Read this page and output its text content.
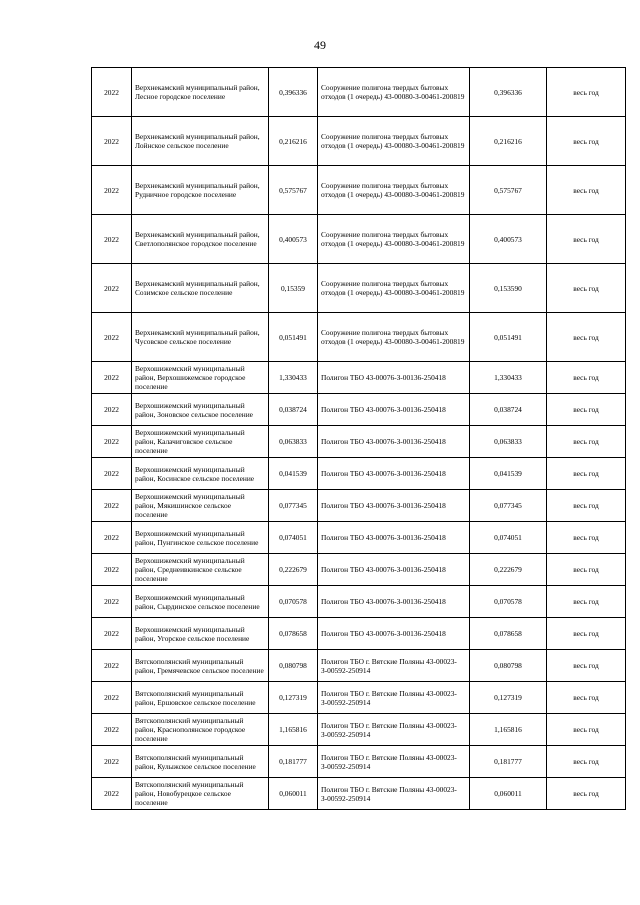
49
2022	Верхнекамский муниципальный район, Лесное городское поселение	0,396336	Сооружение полигона твердых бытовых отходов (1 очередь) 43-00080-З-00461-200819	0,396336	весь год
2022	Верхнекамский муниципальный район, Лойнское сельское поселение	0,216216	Сооружение полигона твердых бытовых отходов (1 очередь) 43-00080-З-00461-200819	0,216216	весь год
2022	Верхнекамский муниципальный район, Рудничное городское поселение	0,575767	Сооружение полигона твердых бытовых отходов (1 очередь) 43-00080-З-00461-200819	0,575767	весь год
2022	Верхнекамский муниципальный район, Светлополянское городское поселение	0,400573	Сооружение полигона твердых бытовых отходов (1 очередь) 43-00080-З-00461-200819	0,400573	весь год
2022	Верхнекамский муниципальный район, Созимское сельское поселение	0,15359	Сооружение полигона твердых бытовых отходов (1 очередь) 43-00080-З-00461-200819	0,153590	весь год
2022	Верхнекамский муниципальный район, Чусовское сельское поселение	0,051491	Сооружение полигона твердых бытовых отходов (1 очередь) 43-00080-З-00461-200819	0,051491	весь год
2022	Верхошижемский муниципальный район, Верхошижемское городское поселение	1,330433	Полигон ТБО 43-00076-З-00136-250418	1,330433	весь год
2022	Верхошижемский муниципальный район, Зоновское сельское поселение	0,038724	Полигон ТБО 43-00076-З-00136-250418	0,038724	весь год
2022	Верхошижемский муниципальный район, Калачиговское сельское поселение	0,063833	Полигон ТБО 43-00076-З-00136-250418	0,063833	весь год
2022	Верхошижемский муниципальный район, Косинское сельское поселение	0,041539	Полигон ТБО 43-00076-З-00136-250418	0,041539	весь год
2022	Верхошижемский муниципальный район, Мякишинское сельское поселение	0,077345	Полигон ТБО 43-00076-З-00136-250418	0,077345	весь год
2022	Верхошижемский муниципальный район, Пунгинское сельское поселение	0,074051	Полигон ТБО 43-00076-З-00136-250418	0,074051	весь год
2022	Верхошижемский муниципальный район, Среднеивкинское сельское поселение	0,222679	Полигон ТБО 43-00076-З-00136-250418	0,222679	весь год
2022	Верхошижемский муниципальный район, Сырдинское сельское поселение	0,070578	Полигон ТБО 43-00076-З-00136-250418	0,070578	весь год
2022	Верхошижемский муниципальный район, Угорское сельское поселение	0,078658	Полигон ТБО 43-00076-З-00136-250418	0,078658	весь год
2022	Вятскополянский муниципальный район, Гремячевское сельское поселение	0,080798	Полигон ТБО г. Вятские Поляны 43-00023-З-00592-250914	0,080798	весь год
2022	Вятскополянский муниципальный район, Ершовское сельское поселение	0,127319	Полигон ТБО г. Вятские Поляны 43-00023-З-00592-250914	0,127319	весь год
2022	Вятскополянский муниципальный район, Краснополянское городское поселение	1,165816	Полигон ТБО г. Вятские Поляны 43-00023-З-00592-250914	1,165816	весь год
2022	Вятскополянский муниципальный район, Кулыжское сельское поселение	0,181777	Полигон ТБО г. Вятские Поляны 43-00023-З-00592-250914	0,181777	весь год
2022	Вятскополянский муниципальный район, Новобурецкое сельское поселение	0,060011	Полигон ТБО г. Вятские Поляны 43-00023-З-00592-250914	0,060011	весь год
